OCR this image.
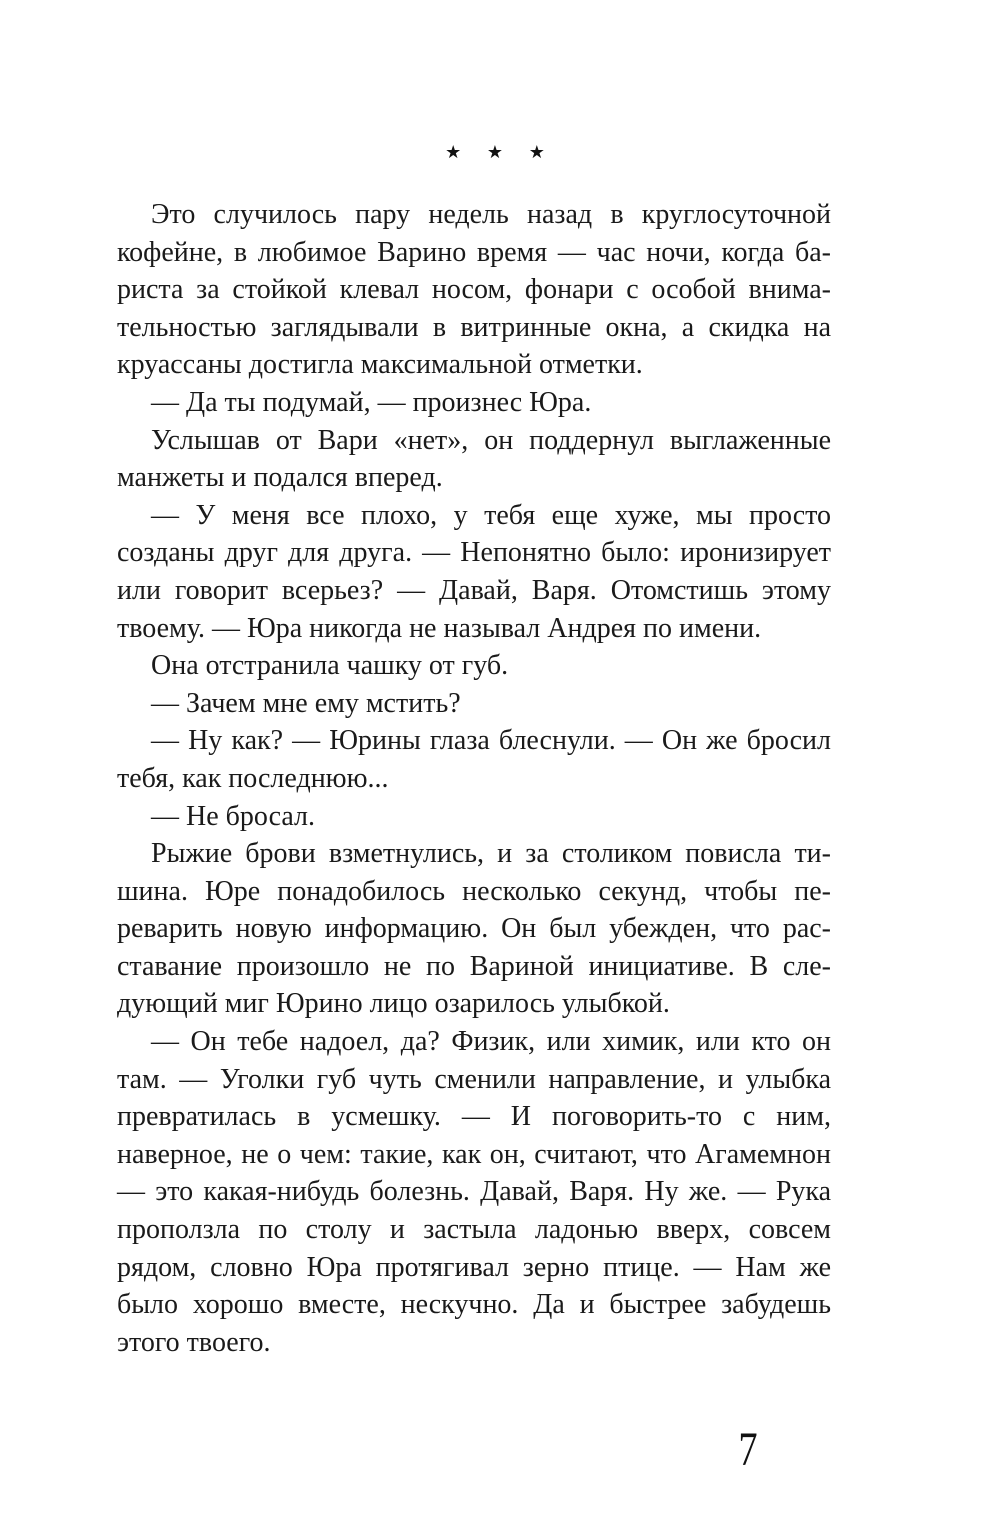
★ ★ ★

Это случилось пару недель назад в круглосуточной кофейне, в любимое Варино время — час ночи, когда бариста за стойкой клевал носом, фонари с особой внимательностью заглядывали в витринные окна, а скидка на круассаны достигла максимальной отметки.

— Да ты подумай, — произнес Юра.

Услышав от Вари «нет», он поддернул выглаженные манжеты и подался вперед.

— У меня все плохо, у тебя еще хуже, мы просто созданы друг для друга. — Непонятно было: иронизирует или говорит всерьез? — Давай, Варя. Отомстишь этому твоему. — Юра никогда не называл Андрея по имени.

Она отстранила чашку от губ.

— Зачем мне ему мстить?

— Ну как? — Юрины глаза блеснули. — Он же бросил тебя, как последнюю...

— Не бросал.

Рыжие брови взметнулись, и за столиком повисла тишина. Юре понадобилось несколько секунд, чтобы переварить новую информацию. Он был убежден, что расставание произошло не по Вариной инициативе. В следующий миг Юрино лицо озарилось улыбкой.

— Он тебе надоел, да? Физик, или химик, или кто он там. — Уголки губ чуть сменили направление, и улыбка превратилась в усмешку. — И поговорить-то с ним, наверное, не о чем: такие, как он, считают, что Агамемнон — это какая-нибудь болезнь. Давай, Варя. Ну же. — Рука проползла по столу и застыла ладонью вверх, совсем рядом, словно Юра протягивал зерно птице. — Нам же было хорошо вместе, нескучно. Да и быстрее забудешь этого твоего.

7
